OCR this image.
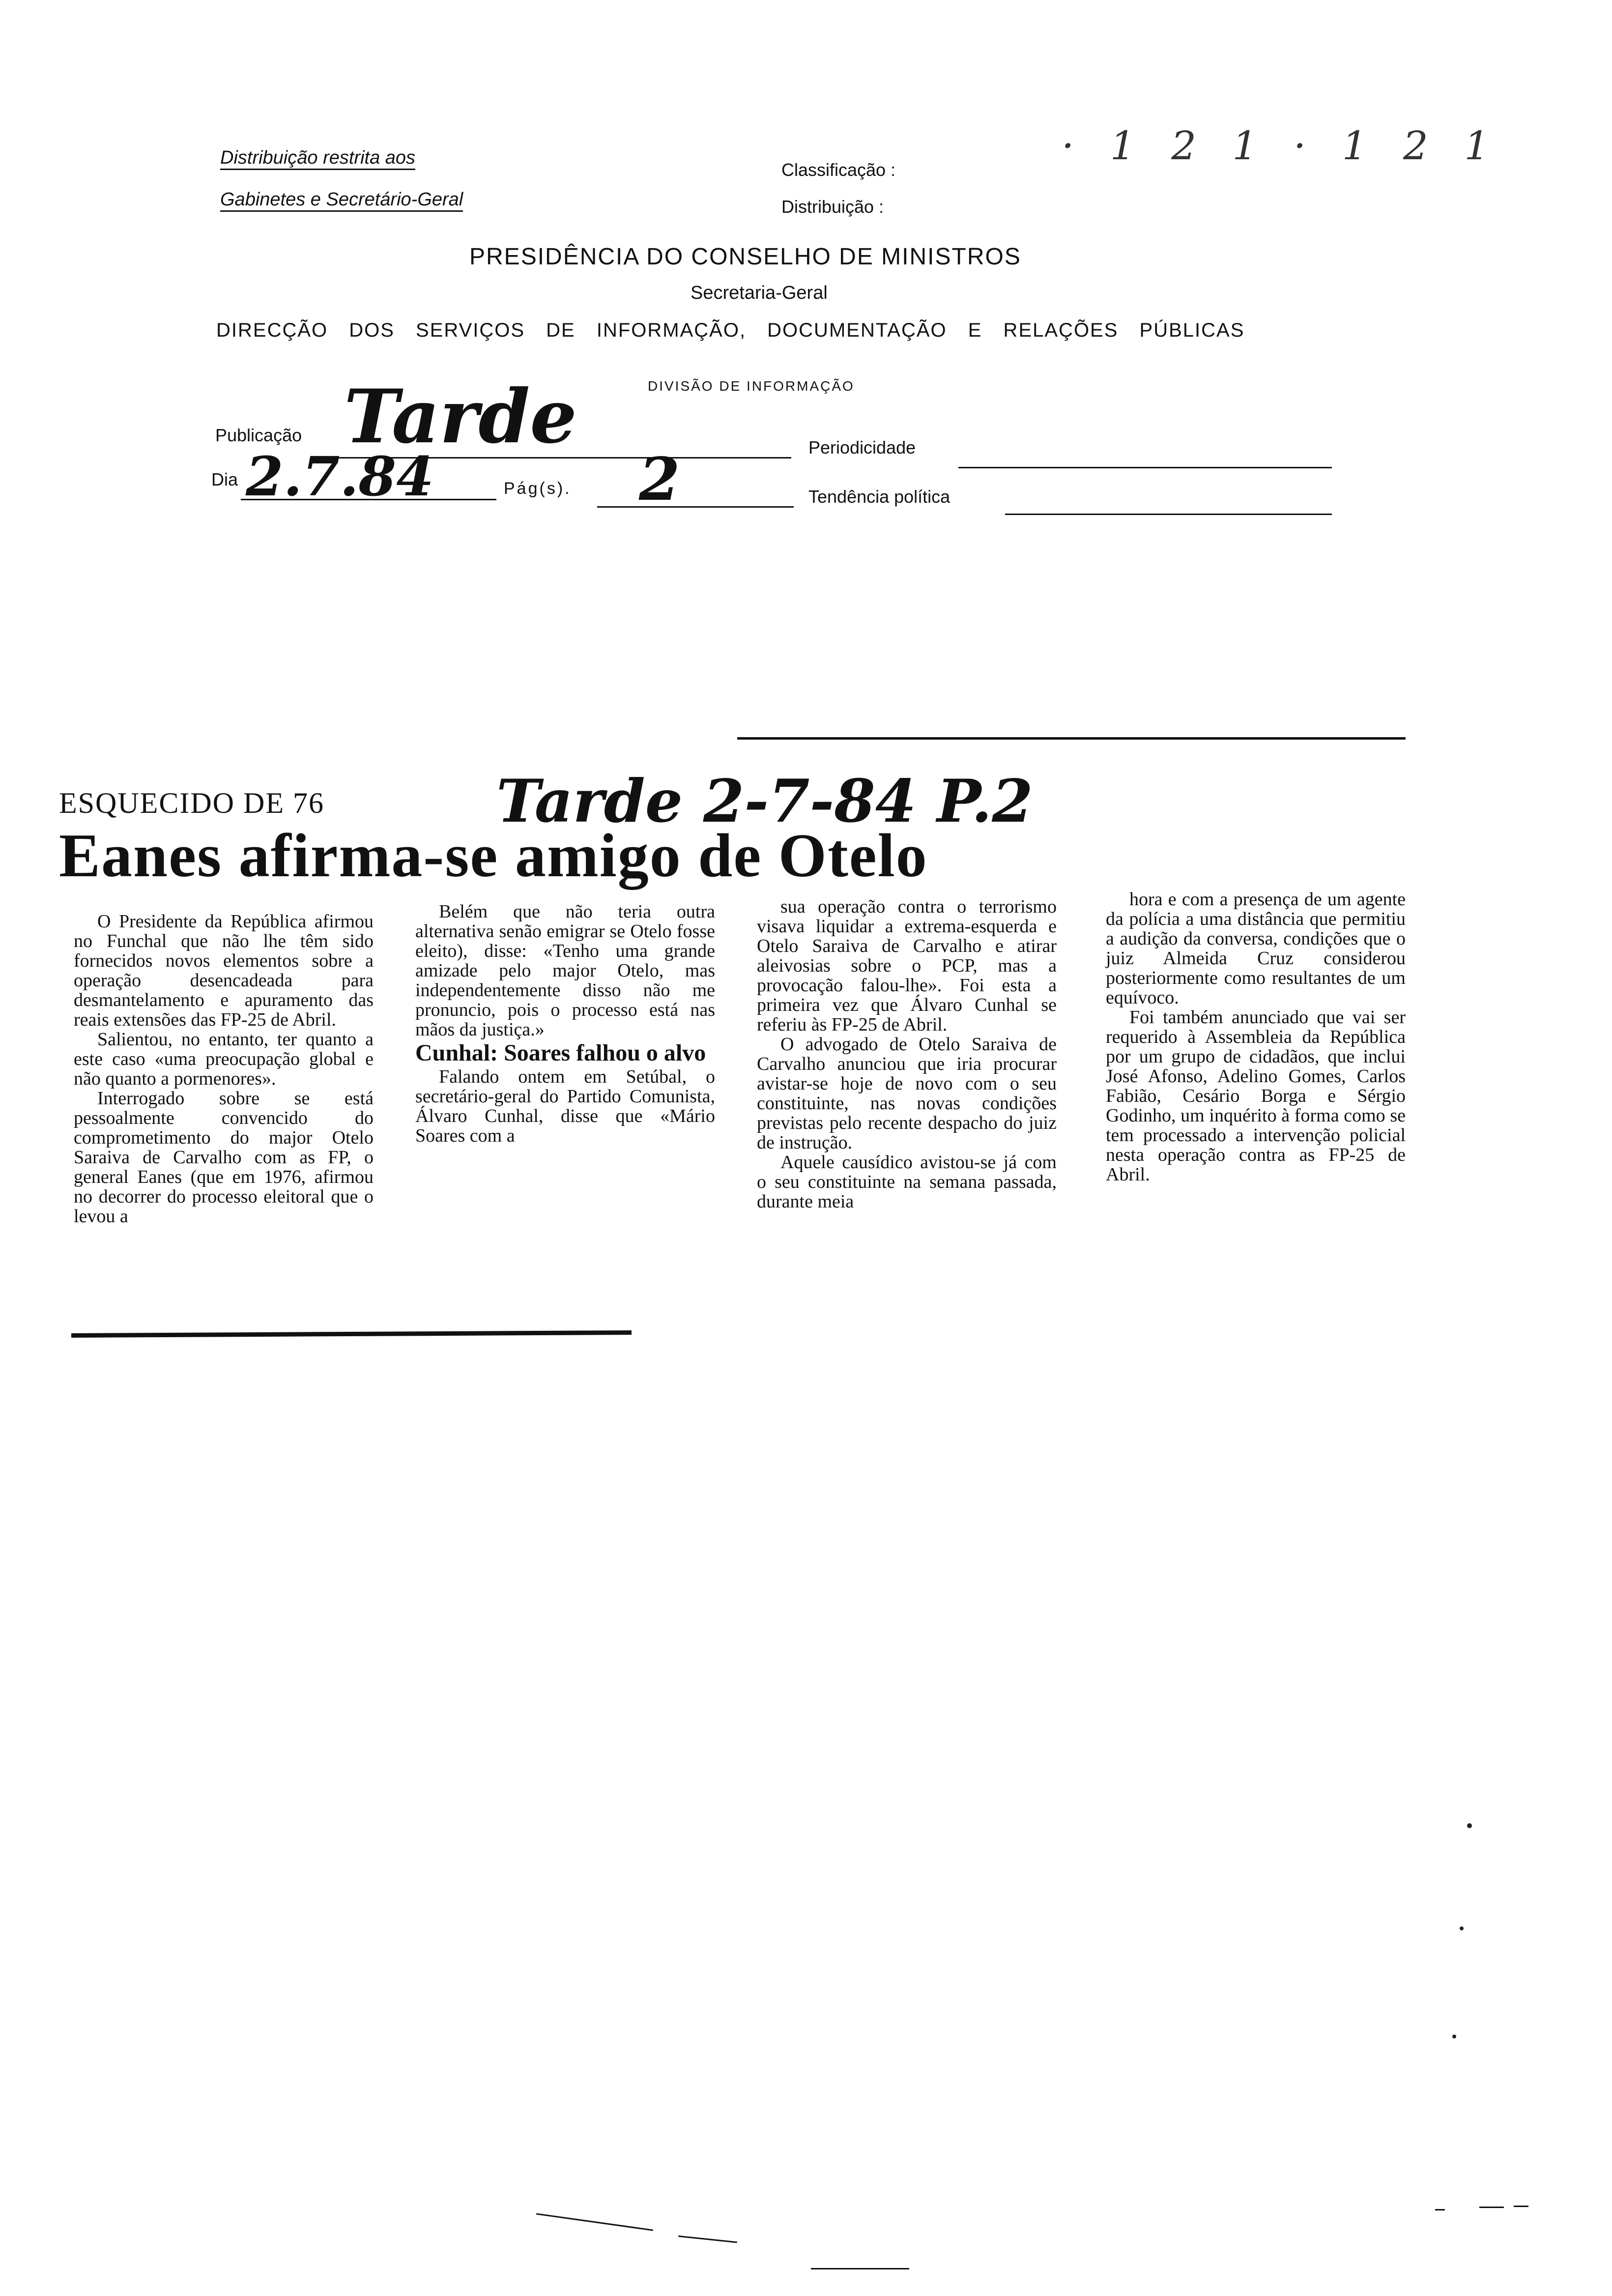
Distribuição restrita aos
Gabinetes e Secretário-Geral
Classificação :
Distribuição :
· 1 2 1 · 1 2 1
PRESIDÊNCIA DO CONSELHO DE MINISTROS
Secretaria-Geral
DIRECÇÃO DOS SERVIÇOS DE INFORMAÇÃO, DOCUMENTAÇÃO E RELAÇÕES PÚBLICAS
DIVISÃO DE INFORMAÇÃO
Publicação Tarde
Dia 2.7.84	Pág(s). 2	Periodicidade
Tendência política
ESQUECIDO DE 76	Tarde 2-7-84 P.2
Eanes afirma-se amigo de Otelo

O Presidente da República afirmou no Funchal que não lhe têm sido fornecidos novos elementos sobre a operação desencadeada para desmantelamento e apuramento das reais extensões das FP-25 de Abril.

Salientou, no entanto, ter quanto a este caso «uma preocupação global e não quanto a pormenores».

Interrogado sobre se está pessoalmente convencido do comprometimento do major Otelo Saraiva de Carvalho com as FP, o general Eanes (que em 1976, afirmou no decorrer do processo eleitoral que o levou a

Belém que não teria outra alternativa senão emigrar se Otelo fosse eleito), disse: «Tenho uma grande amizade pelo major Otelo, mas independentemente disso não me pronuncio, pois o processo está nas mãos da justiça.»

Cunhal: Soares falhou o alvo

Falando ontem em Setúbal, o secretário-geral do Partido Comunista, Álvaro Cunhal, disse que «Mário Soares com a

sua operação contra o terrorismo visava liquidar a extrema-esquerda e Otelo Saraiva de Carvalho e atirar aleivosias sobre o PCP, mas a provocação falou-lhe». Foi esta a primeira vez que Álvaro Cunhal se referiu às FP-25 de Abril.

O advogado de Otelo Saraiva de Carvalho anunciou que iria procurar avistar-se hoje de novo com o seu constituinte, nas novas condições previstas pelo recente despacho do juiz de instrução.

Aquele causídico avistou-se já com o seu constituinte na semana passada, durante meia

hora e com a presença de um agente da polícia a uma distância que permitiu a audição da conversa, condições que o juiz Almeida Cruz considerou posteriormente como resultantes de um equívoco.

Foi também anunciado que vai ser requerido à Assembleia da República por um grupo de cidadãos, que inclui José Afonso, Adelino Gomes, Carlos Fabião, Cesário Borga e Sérgio Godinho, um inquérito à forma como se tem processado a intervenção policial nesta operação contra as FP-25 de Abril.
